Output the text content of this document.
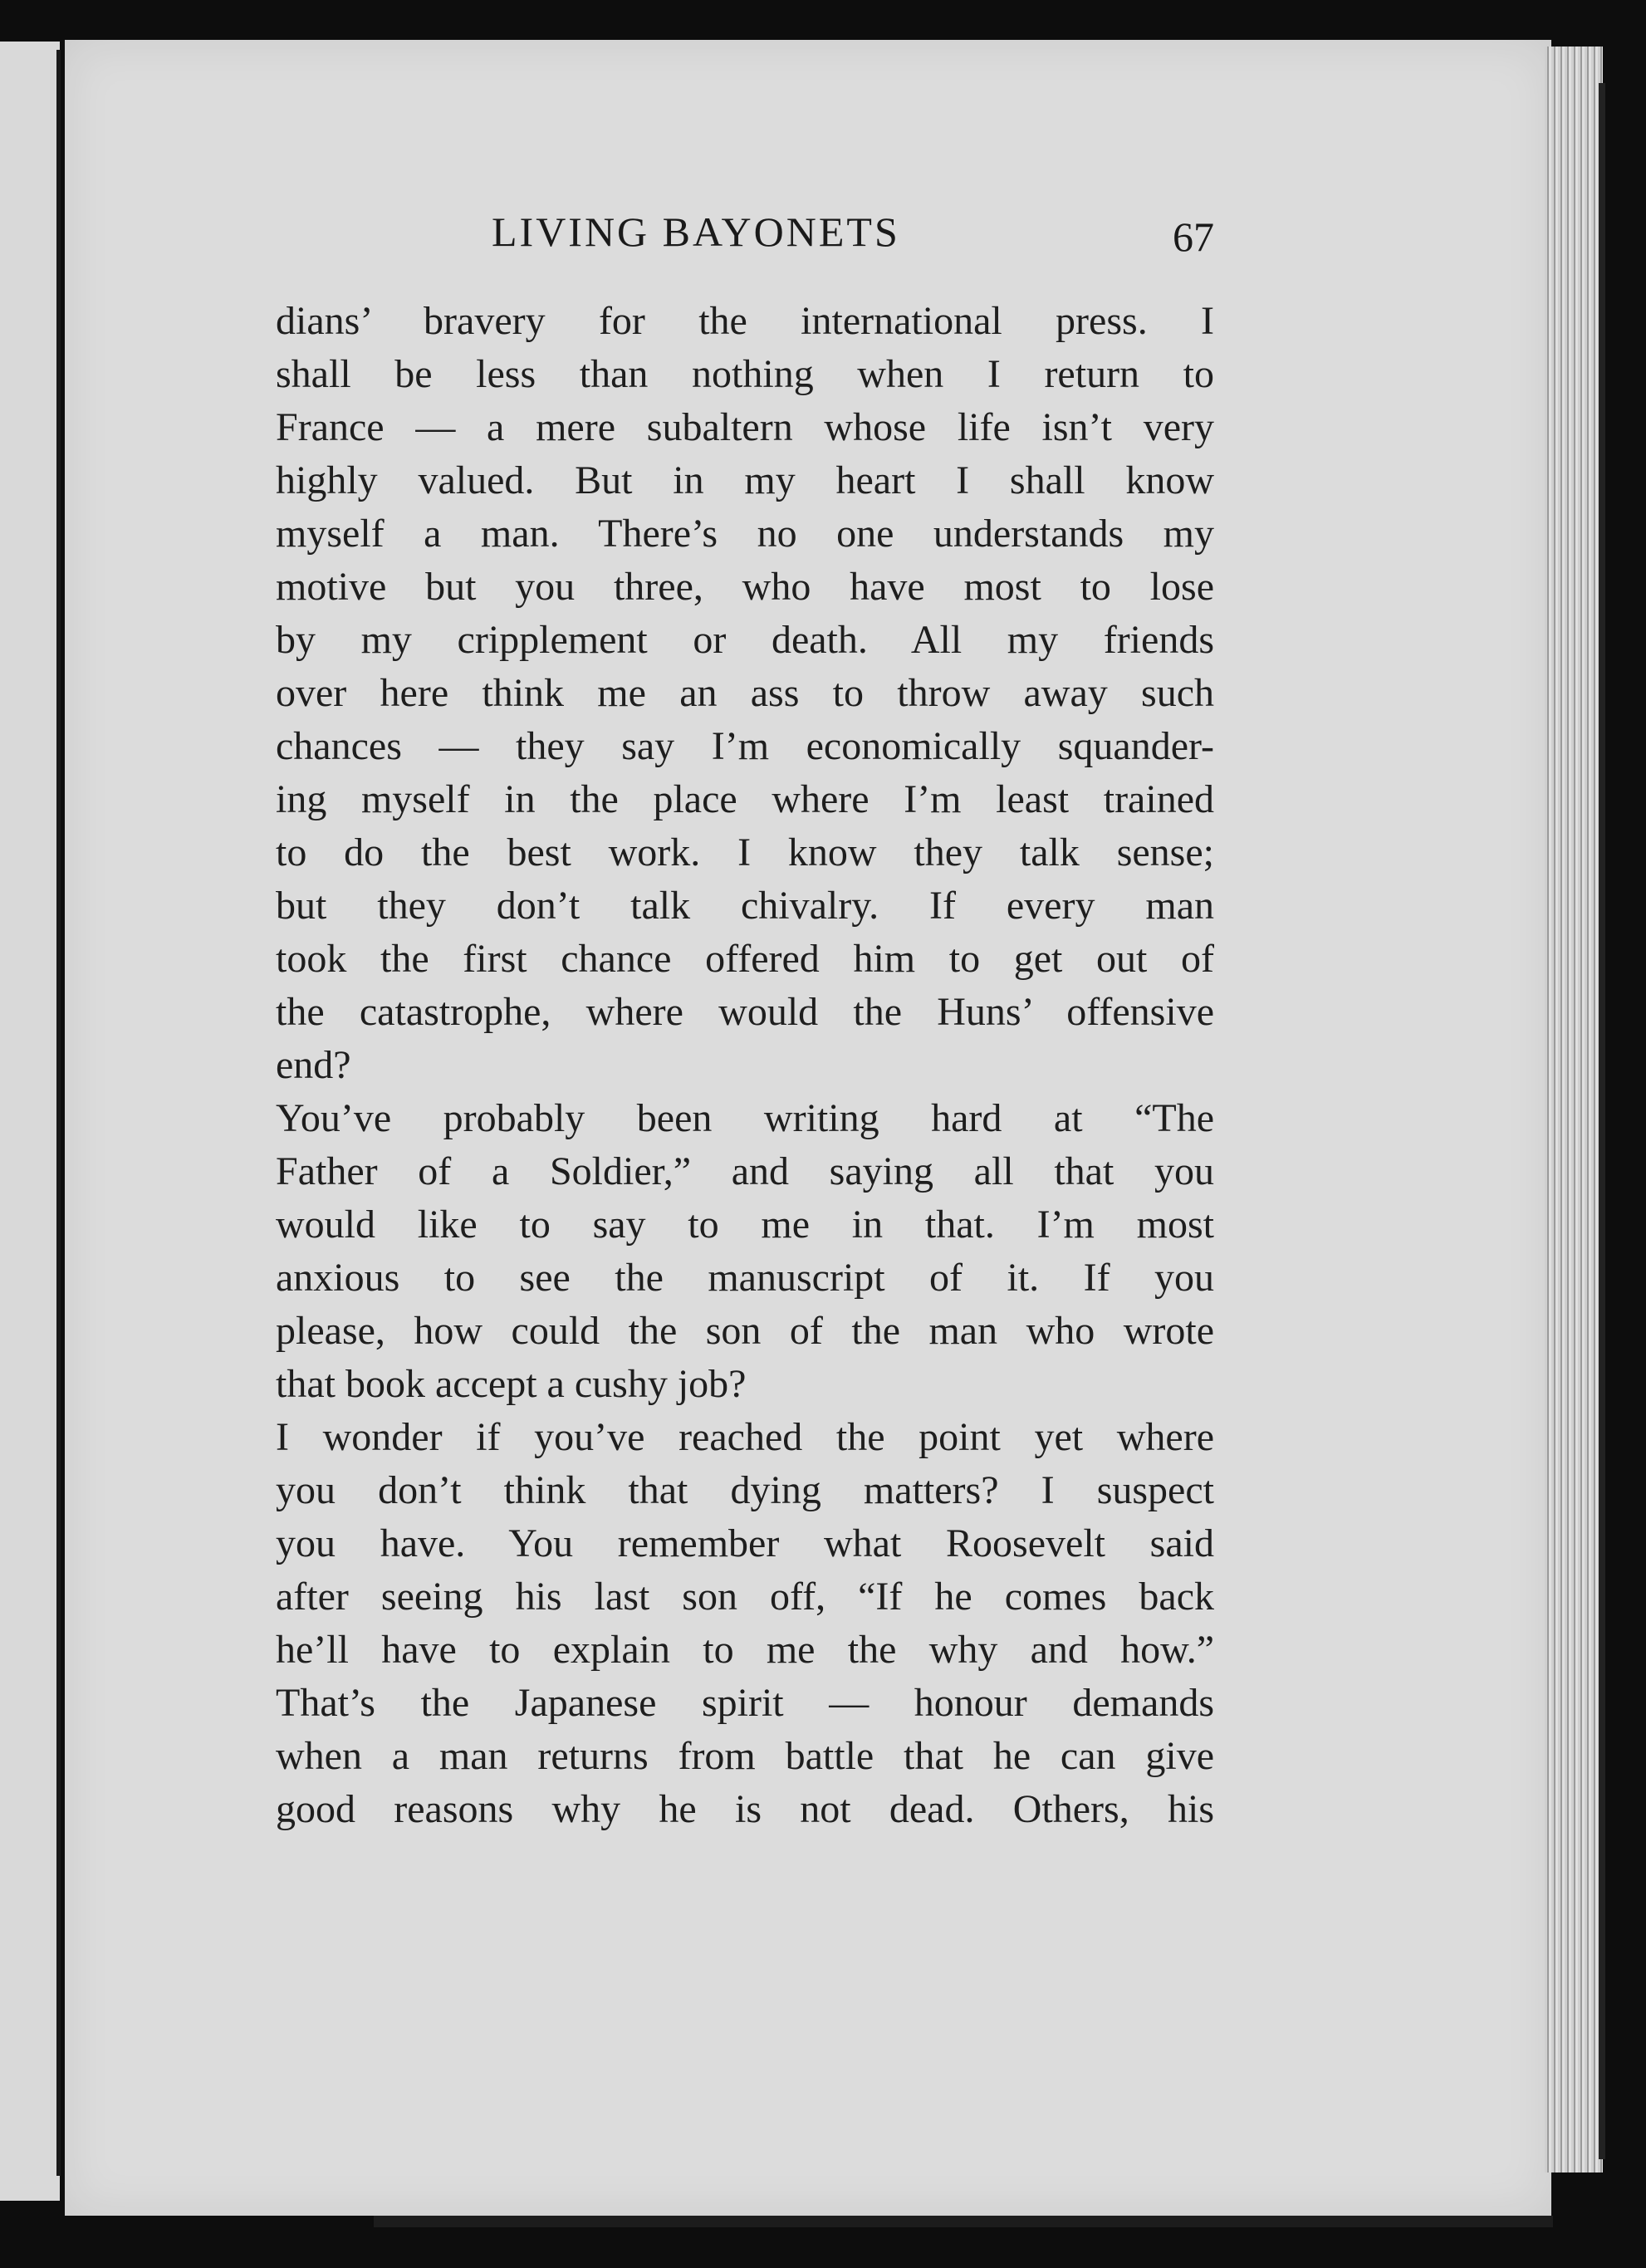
LIVING BAYONETS	67
dians’ bravery for the international press. I
shall be less than nothing when I return to
France — a mere subaltern whose life isn’t very
highly valued. But in my heart I shall know
myself a man. There’s no one understands my
motive but you three, who have most to lose
by my cripplement or death. All my friends
over here think me an ass to throw away such
chances — they say I’m economically squander-
ing myself in the place where I’m least trained
to do the best work. I know they talk sense;
but they don’t talk chivalry. If every man
took the first chance offered him to get out of
the catastrophe, where would the Huns’ offensive
end?
You’ve probably been writing hard at “The
Father of a Soldier,” and saying all that you
would like to say to me in that. I’m most
anxious to see the manuscript of it. If you
please, how could the son of the man who wrote
that book accept a cushy job?
I wonder if you’ve reached the point yet where
you don’t think that dying matters? I suspect
you have. You remember what Roosevelt said
after seeing his last son off, “If he comes back
he’ll have to explain to me the why and how.”
That’s the Japanese spirit — honour demands
when a man returns from battle that he can give
good reasons why he is not dead. Others, his
